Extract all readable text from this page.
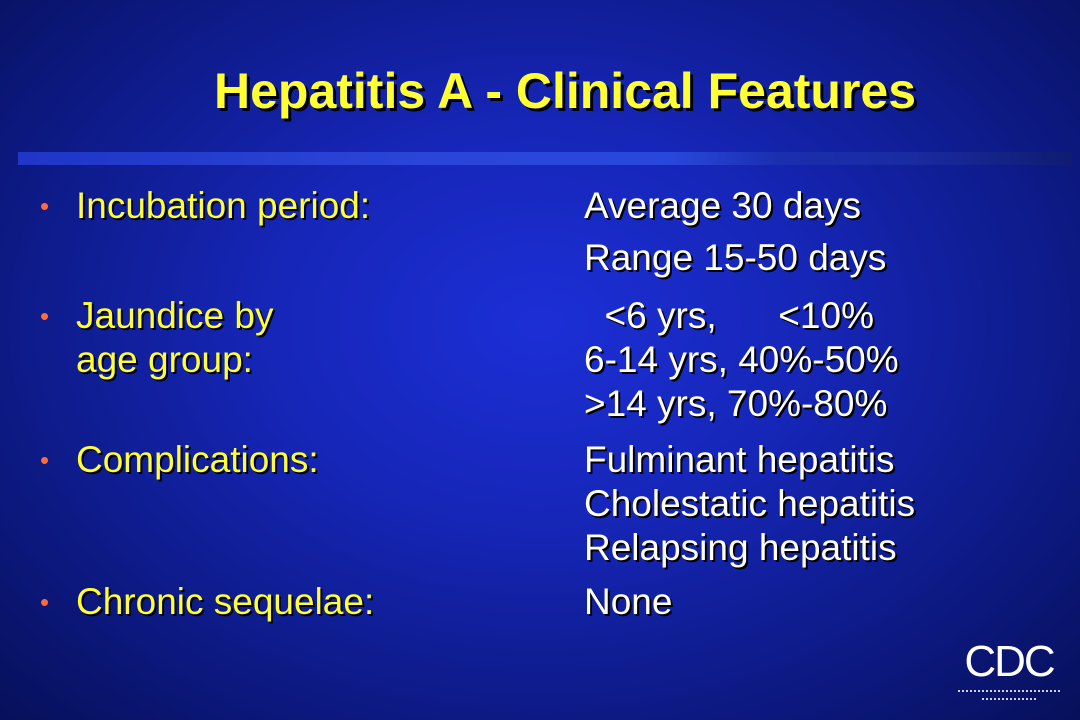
Hepatitis A - Clinical Features
• Incubation period:	Average 30 days
Range 15-50 days
• Jaundice by
age group:
<6 yrs,      <10%
6-14 yrs, 40%-50%
>14 yrs, 70%-80%
• Complications:	Fulminant hepatitis
Cholestatic hepatitis
Relapsing hepatitis
• Chronic sequelae:	None
CDC
